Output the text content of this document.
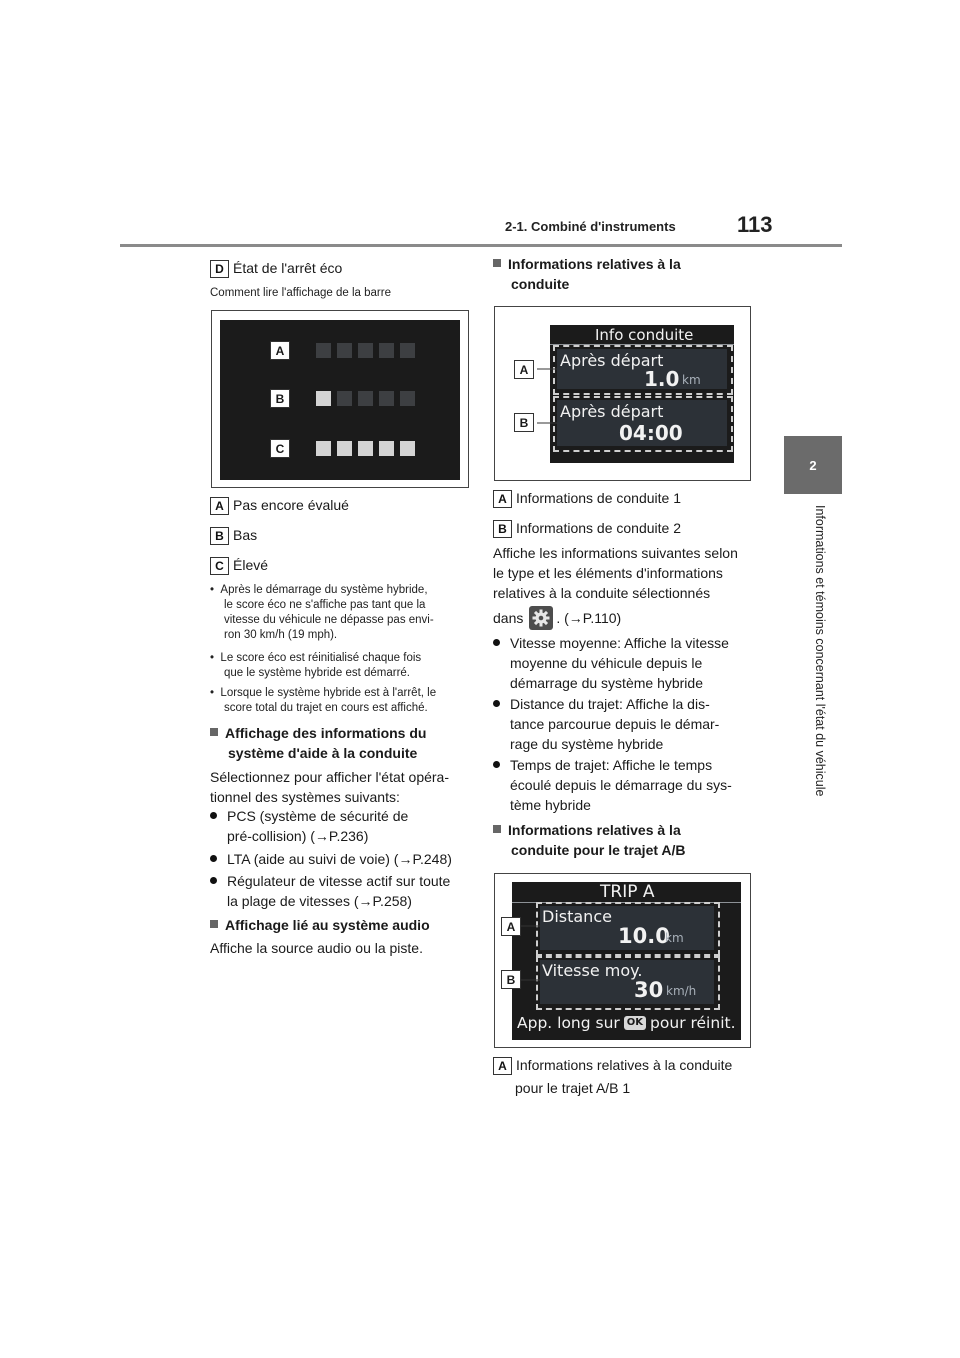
2-1. Combiné d'instruments	113
2
Informations et témoins concernant l'état du véhicule
D État de l'arrêt éco
Comment lire l'affichage de la barre
A
B
C
A Pas encore évalué
B Bas
C Élevé
•  Après le démarrage du système hybride,
le score éco ne s'affiche pas tant que la
vitesse du véhicule ne dépasse pas envi-
ron 30 km/h (19 mph).
•  Le score éco est réinitialisé chaque fois
que le système hybride est démarré.
•  Lorsque le système hybride est à l'arrêt, le
score total du trajet en cours est affiché.
Affichage des informations du
système d'aide à la conduite
Sélectionnez pour afficher l'état opéra-
tionnel des systèmes suivants:
PCS (système de sécurité de
pré-collision) (→P.236)
LTA (aide au suivi de voie) (→P.248)
Régulateur de vitesse actif sur toute
la plage de vitesses (→P.258)
Affichage lié au système audio
Affiche la source audio ou la piste.
Informations relatives à la
conduite
Info conduite
Après départ
1.0 km
Après départ
04:00
A
B
A Informations de conduite 1
B Informations de conduite 2
Affiche les informations suivantes selon
le type et les éléments d'informations
relatives à la conduite sélectionnés
dans . (→P.110)
Vitesse moyenne: Affiche la vitesse
moyenne du véhicule depuis le
démarrage du système hybride
Distance du trajet: Affiche la dis-
tance parcourue depuis le démar-
rage du système hybride
Temps de trajet: Affiche le temps
écoulé depuis le démarrage du sys-
tème hybride
Informations relatives à la
conduite pour le trajet A/B
TRIP A
Distance
10.0
km
Vitesse moy.
30 km/h
App. long sur OK pour réinit.
A
B
A Informations relatives à la conduite
pour le trajet A/B 1
